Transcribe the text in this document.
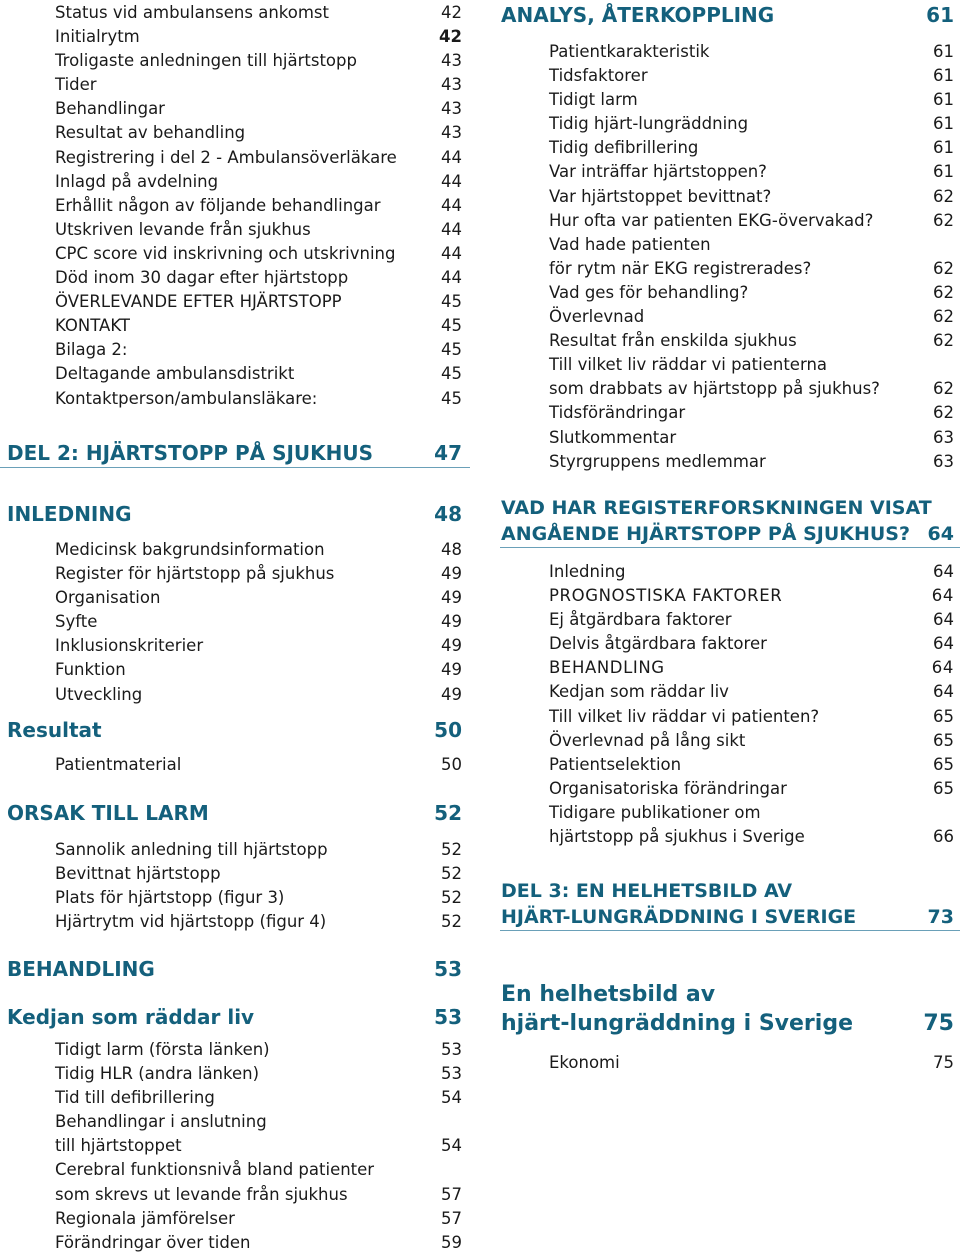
Status vid ambulansens ankomst	42
Initialrytm	42
Troligaste anledningen till hjärtstopp	43
Tider	43
Behandlingar	43
Resultat av behandling	43
Registrering i del 2 - Ambulansöverläkare	44
Inlagd på avdelning	44
Erhållit någon av följande behandlingar	44
Utskriven levande från sjukhus	44
CPC score vid inskrivning och utskrivning	44
Död inom 30 dagar efter hjärtstopp	44
ÖVERLEVANDE EFTER HJÄRTSTOPP	45
KONTAKT	45
Bilaga 2:	45
Deltagande ambulansdistrikt	45
Kontaktperson/ambulansläkare:	45
DEL 2: HJÄRTSTOPP PÅ SJUKHUS	47
INLEDNING	48
Medicinsk bakgrundsinformation	48
Register för hjärtstopp på sjukhus	49
Organisation	49
Syfte	49
Inklusionskriterier	49
Funktion	49
Utveckling	49
Resultat	50
Patientmaterial	50
ORSAK TILL LARM	52
Sannolik anledning till hjärtstopp	52
Bevittnat hjärtstopp	52
Plats för hjärtstopp (figur 3)	52
Hjärtrytm vid hjärtstopp (figur 4)	52
BEHANDLING	53
Kedjan som räddar liv	53
Tidigt larm (första länken)	53
Tidig HLR (andra länken)	53
Tid till defibrillering	54
Behandlingar i anslutning
till hjärtstoppet	54
Cerebral funktionsnivå bland patienter
som skrevs ut levande från sjukhus	57
Regionala jämförelser	57
Förändringar över tiden	59
ANALYS, ÅTERKOPPLING	61
Patientkarakteristik	61
Tidsfaktorer	61
Tidigt larm	61
Tidig hjärt-lungräddning	61
Tidig defibrillering	61
Var inträffar hjärtstoppen?	61
Var hjärtstoppet bevittnat?	62
Hur ofta var patienten EKG-övervakad?	62
Vad hade patienten
för rytm när EKG registrerades?	62
Vad ges för behandling?	62
Överlevnad	62
Resultat från enskilda sjukhus	62
Till vilket liv räddar vi patienterna
som drabbats av hjärtstopp på sjukhus?	62
Tidsförändringar	62
Slutkommentar	63
Styrgruppens medlemmar	63
VAD HAR REGISTERFORSKNINGEN VISAT
ANGÅENDE HJÄRTSTOPP PÅ SJUKHUS? 64
Inledning	64
PROGNOSTISKA FAKTORER	64
Ej åtgärdbara faktorer	64
Delvis åtgärdbara faktorer	64
BEHANDLING	64
Kedjan som räddar liv	64
Till vilket liv räddar vi patienten?	65
Överlevnad på lång sikt	65
Patientselektion	65
Organisatoriska förändringar	65
Tidigare publikationer om
hjärtstopp på sjukhus i Sverige	66
DEL 3: EN HELHETSBILD AV
HJÄRT-LUNGRÄDDNING I SVERIGE	73
En helhetsbild av
hjärt-lungräddning i Sverige	75
Ekonomi	75
